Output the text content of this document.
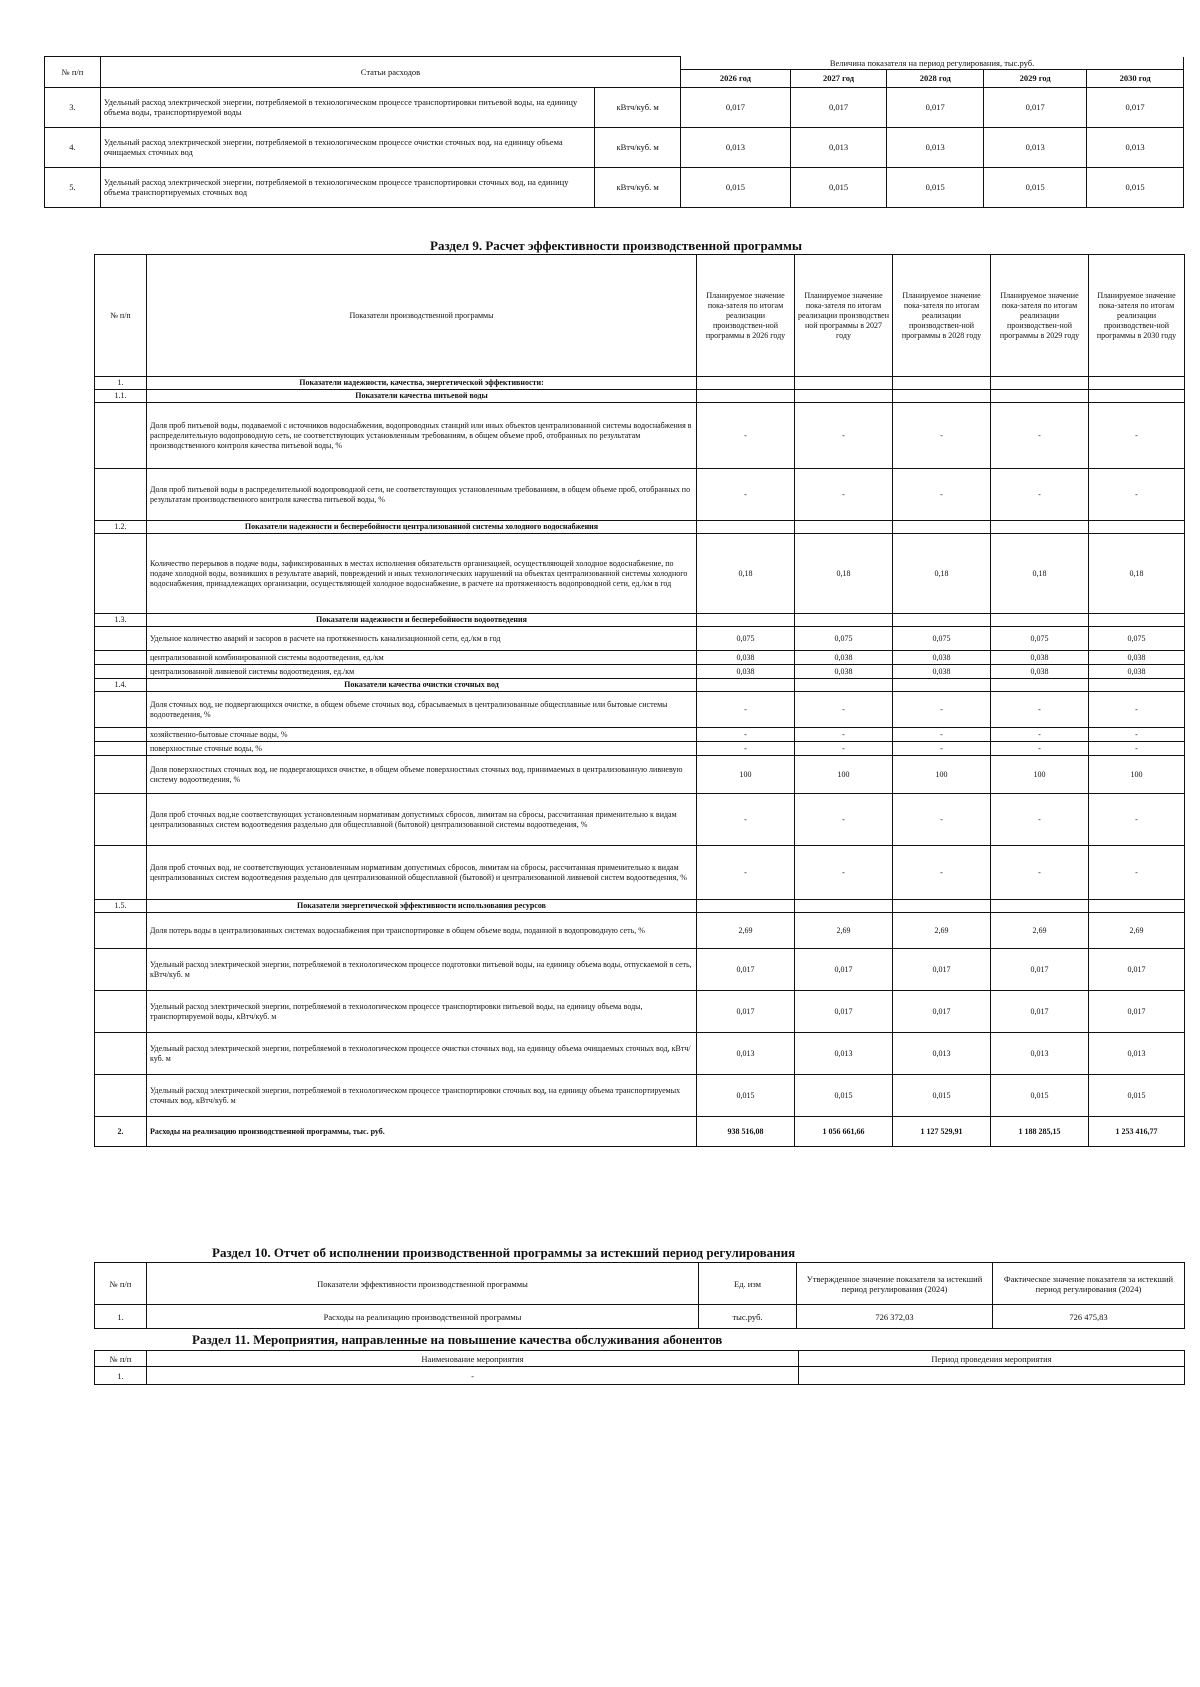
№ п/п	Статьи расходов		Величина показателя на период регулирования, тыс.руб.				
			2026 год	2027 год	2028 год	2029 год	2030 год
3.	Удельный расход электрической энергии, потребляемой в технологическом процессе транспортировки питьевой воды, на единицу объема воды, транспортируемой воды	кВтч/куб. м	0,017	0,017	0,017	0,017	0,017
4.	Удельный расход электрической энергии, потребляемой в технологическом процессе очистки сточных вод, на единицу объема очищаемых сточных вод	кВтч/куб. м	0,013	0,013	0,013	0,013	0,013
5.	Удельный расход электрической энергии, потребляемой в технологическом процессе транспортировки сточных вод, на единицу объема транспортируемых сточных вод	кВтч/куб. м	0,015	0,015	0,015	0,015	0,015
Раздел 9. Расчет эффективности производственной программы
№ п/п	Показатели производственной программы	Планируемое значение пока-зателя по итогам реализации производствен-ной программы в 2026 году	Планируемое значение пока-зателя по итогам реализации производствен ной программы в 2027 году	Планируемое значение пока-зателя по итогам реализации производствен-ной программы в 2028 году	Планируемое значение пока-зателя по итогам реализации производствен-ной программы в 2029 году	Планируемое значение пока-зателя по итогам реализации производствен-ной программы в 2030 году
1.	Показатели надежности, качества, энергетической эффективности:					
1.1.	Показатели качества питьевой воды					
	Доля проб питьевой воды, подаваемой с источников водоснабжения, водопроводных станций или иных объектов централизованной системы водоснабжения в распределительную водопроводную сеть, не соответствующих установленным требованиям, в общем объеме проб, отобранных по результатам производственного контроля качества питьевой воды, %	-	-	-	-	-
	Доля проб питьевой воды в распределительной водопроводной сети, не соответствующих установленным требованиям, в общем объеме проб, отобранных по результатам производственного контроля качества питьевой воды, %	-	-	-	-	-
1.2.	Показатели надежности и бесперебойности централизованной системы холодного водоснабжения					
	Количество перерывов в подаче воды, зафиксированных в местах исполнения обязательств организацией, осуществляющей холодное водоснабжение, по подаче холодной воды, возникших в результате аварий, повреждений и иных технологических нарушений на объектах централизованной системы холодного водоснабжения, принадлежащих организации, осуществляющей холодное водоснабжение, в расчете на протяженность водопроводной сети, ед./км в год	0,18	0,18	0,18	0,18	0,18
1.3.	Показатели надежности и бесперебойности водоотведения					
	Удельное количество аварий и засоров в расчете на протяженность канализационной сети, ед./км в год	0,075	0,075	0,075	0,075	0,075
	централизованной комбинированной системы водоотведения, ед./км	0,038	0,038	0,038	0,038	0,038
	централизованной ливневой системы водоотведения, ед./км	0,038	0,038	0,038	0,038	0,038
1.4.	Показатели качества очистки сточных вод					
	Доля сточных вод, не подвергающихся очистке, в общем объеме сточных вод, сбрасываемых в централизованные общесплавные или бытовые системы водоотведения, %	-	-	-	-	-
	хозяйственно-бытовые сточные воды, %	-	-	-	-	-
	поверхностные сточные воды, %	-	-	-	-	-
	Доля поверхностных сточных вод, не подвергающихся очистке, в общем объеме поверхностных сточных вод, принимаемых в централизованную ливневую систему водоотведения, %	100	100	100	100	100
	Доля проб сточных вод,не соответствующих установленным нормативам допустимых сбросов, лимитам на сбросы, рассчитанная применительно к видам централизованных систем водоотведения раздельно для общесплавной (бытовой) централизованной системы водоотведения, %	-	-	-	-	-
	Доля проб сточных вод, не соответствующих установленным нормативам допустимых сбросов, лимитам на сбросы, рассчитанная применительно к видам централизованных систем водоотведения раздельно для централизованной общесплавной (бытовой) и централизованной ливневой систем водоотведения, %	-	-	-	-	-
1.5.	Показатели энергетической эффективности использования ресурсов					
	Доля потерь воды в централизованных системах водоснабжения при транспортировке в общем объеме воды, поданной в водопроводную сеть, %	2,69	2,69	2,69	2,69	2,69
	Удельный расход электрической энергии, потребляемой в технологическом процессе подготовки питьевой воды, на единицу объема воды, отпускаемой в сеть, кВтч/куб. м	0,017	0,017	0,017	0,017	0,017
	Удельный расход электрической энергии, потребляемой в технологическом процессе транспортировки питьевой воды, на единицу объема воды, транспортируемой воды, кВтч/куб. м	0,017	0,017	0,017	0,017	0,017
	Удельный расход электрической энергии, потребляемой в технологическом процессе очистки сточных вод, на единицу объема очищаемых сточных вод, кВтч/куб. м	0,013	0,013	0,013	0,013	0,013
	Удельный расход электрической энергии, потребляемой в технологическом процессе транспортировки сточных вод, на единицу объема транспортируемых сточных вод, кВтч/куб. м	0,015	0,015	0,015	0,015	0,015
2.	Расходы на реализацию производственной программы, тыс. руб.	938 516,08	1 056 661,66	1 127 529,91	1 188 285,15	1 253 416,77
Раздел 10. Отчет об исполнении производственной программы за истекший период регулирования
№ п/п	Показатели эффективности производственной программы	Ед. изм	Утвержденное значение показателя за истекший период регулирования (2024)	Фактическое значение показателя за истекший период регулирования (2024)
1.	Расходы на реализацию производственной программы	тыс.руб.	726 372,03	726 475,83
Раздел 11. Мероприятия, направленные на повышение качества обслуживания абонентов
№ п/п	Наименование мероприятия	Период проведения мероприятия
1.	-	
